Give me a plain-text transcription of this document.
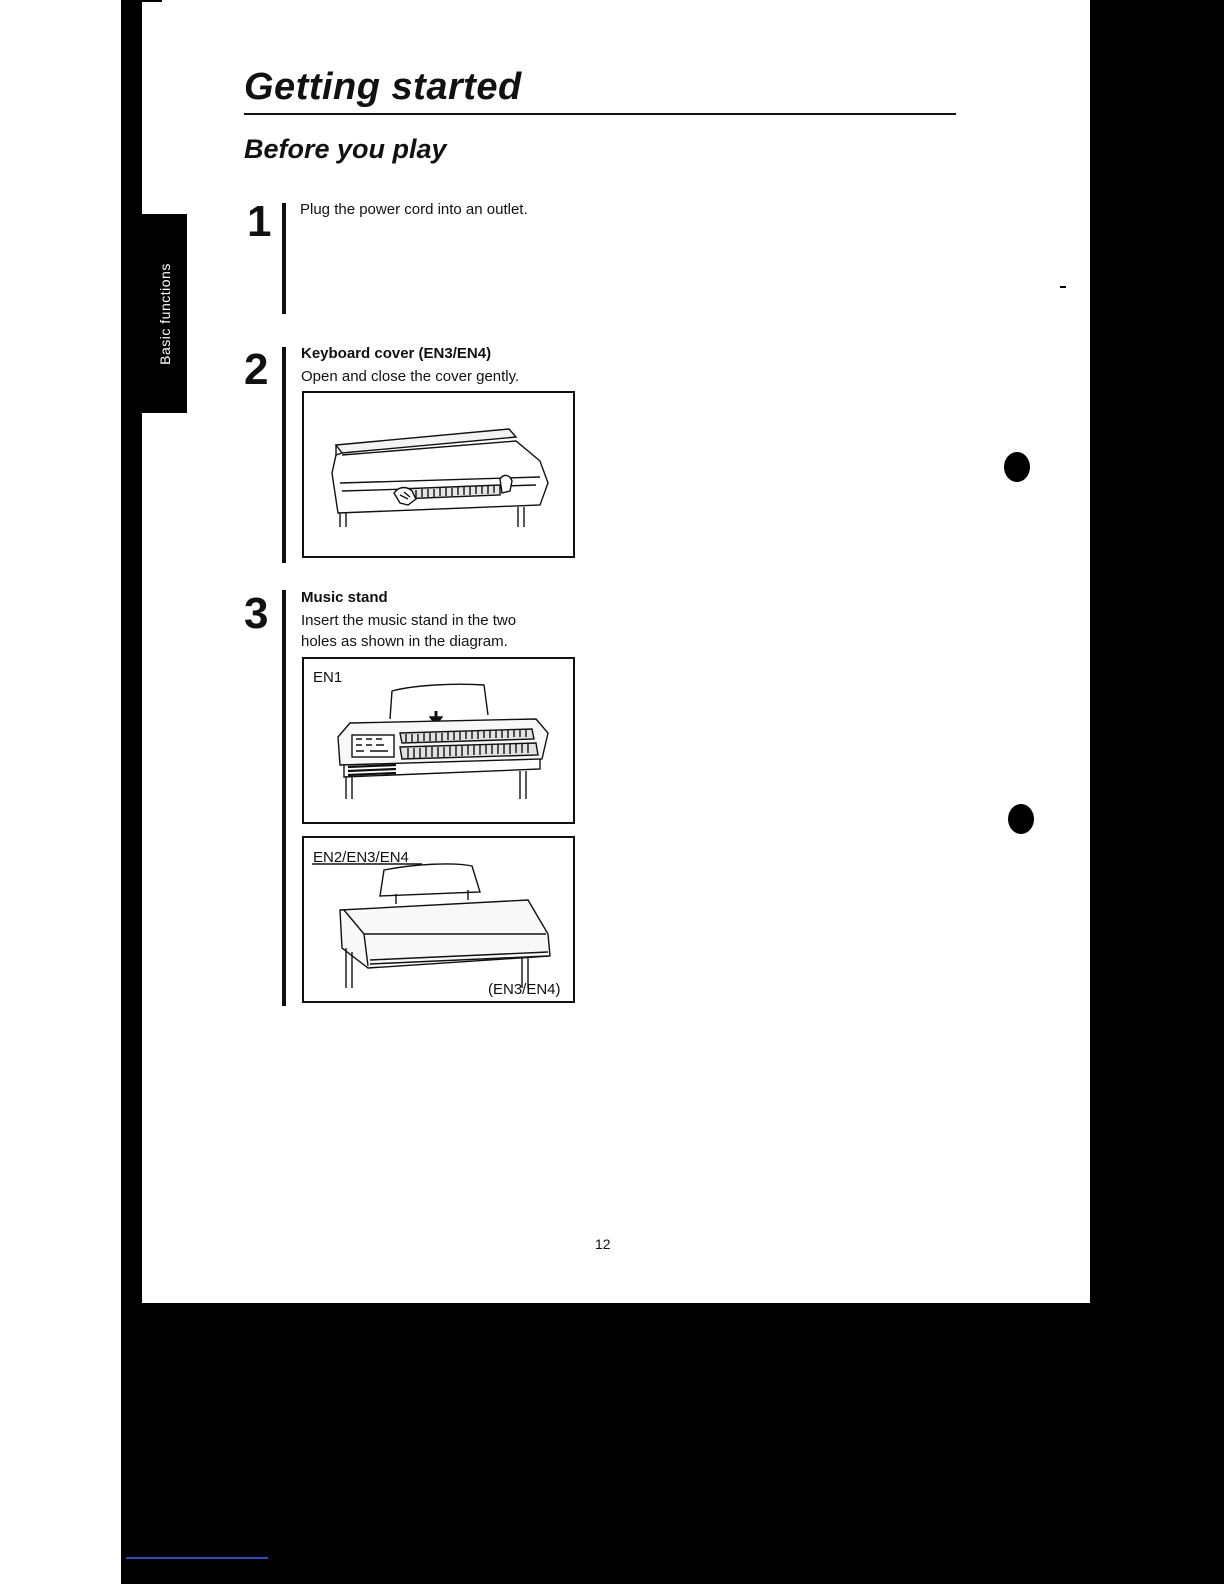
Basic functions
Getting started
Before you play
1 Plug the power cord into an outlet.

2 Keyboard cover (EN3/EN4)

Open and close the cover gently.

3 Music stand

Insert the music stand in the two

holes as shown in the diagram.

EN1
EN2/EN3/EN4
(EN3/EN4)
12
